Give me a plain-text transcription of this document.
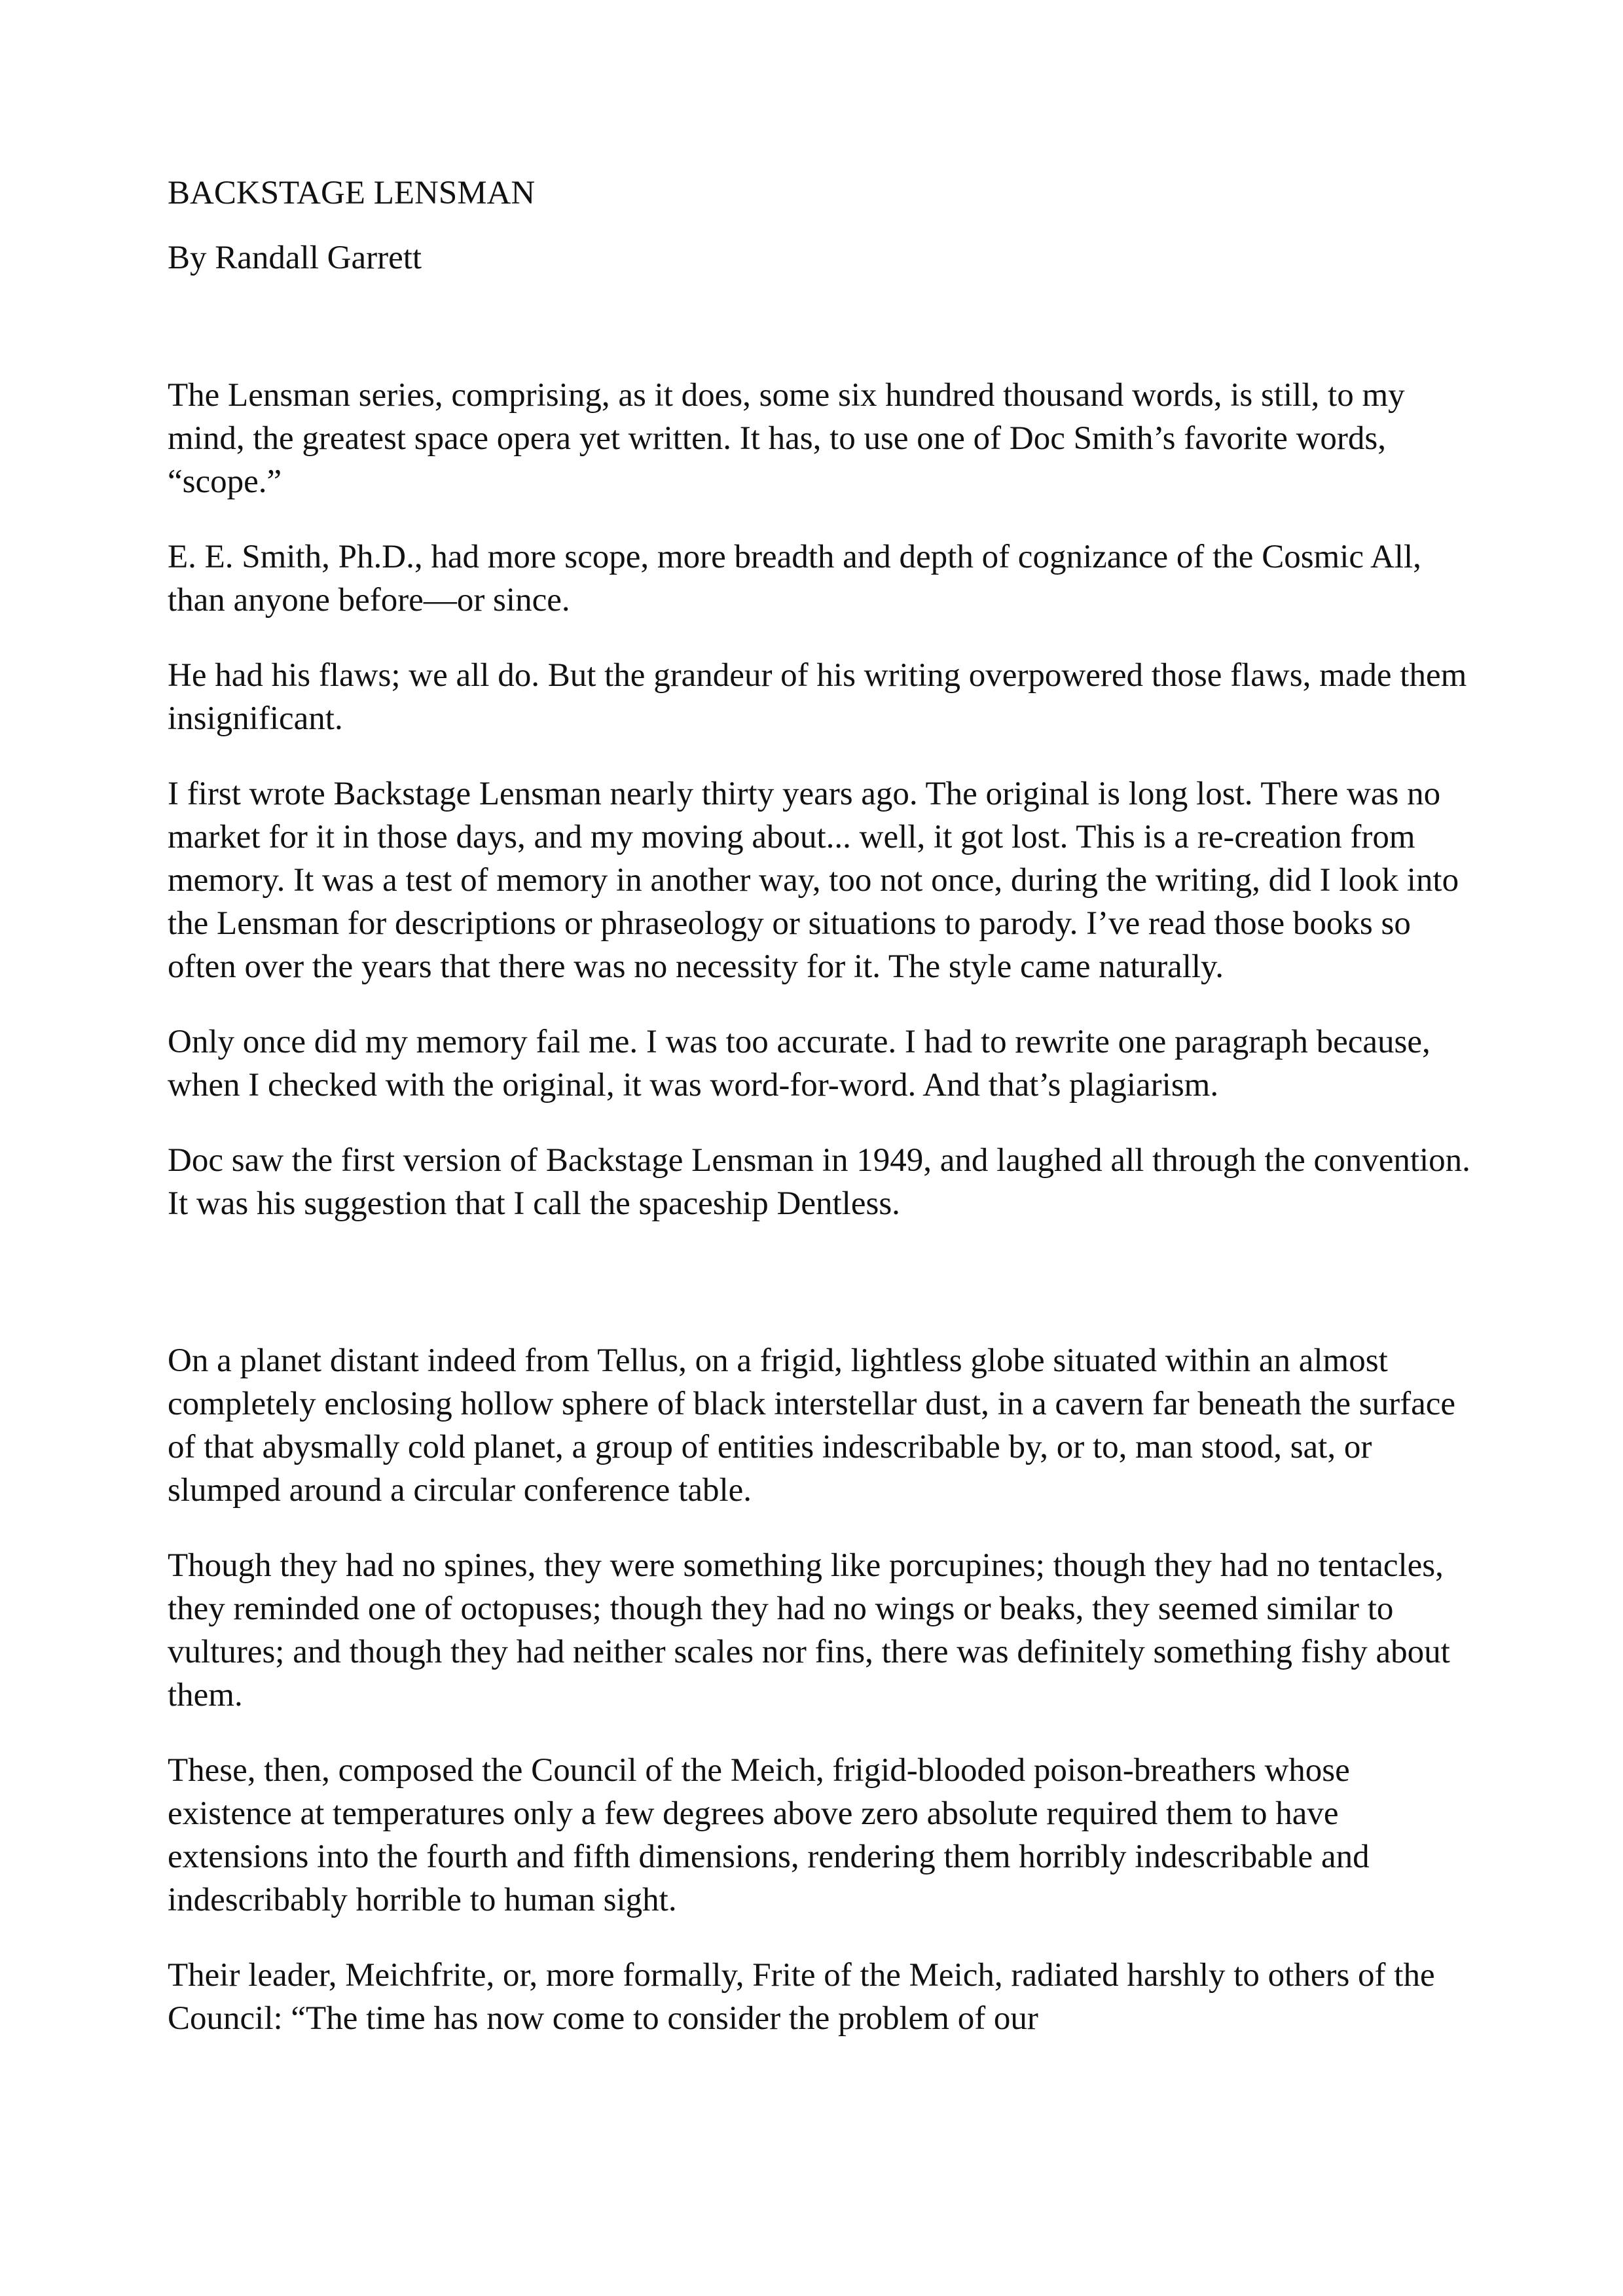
BACKSTAGE LENSMAN
By Randall Garrett

The Lensman series, comprising, as it does, some six hundred thousand words, is still, to my mind, the greatest space opera yet written. It has, to use one of Doc Smith’s favorite words, “scope.”

E. E. Smith, Ph.D., had more scope, more breadth and depth of cognizance of the Cosmic All, than anyone before—or since.

He had his flaws; we all do. But the grandeur of his writing overpowered those flaws, made them insignificant.

I first wrote Backstage Lensman nearly thirty years ago. The original is long lost. There was no market for it in those days, and my moving about... well, it got lost. This is a re-creation from memory. It was a test of memory in another way, too not once, during the writing, did I look into the Lensman for descriptions or phraseology or situations to parody. I’ve read those books so often over the years that there was no necessity for it. The style came naturally.

Only once did my memory fail me. I was too accurate. I had to rewrite one paragraph because, when I checked with the original, it was word-for-word. And that’s plagiarism.

Doc saw the first version of Backstage Lensman in 1949, and laughed all through the convention. It was his suggestion that I call the spaceship Dentless.

On a planet distant indeed from Tellus, on a frigid, lightless globe situated within an almost completely enclosing hollow sphere of black interstellar dust, in a cavern far beneath the surface of that abysmally cold planet, a group of entities indescribable by, or to, man stood, sat, or slumped around a circular conference table.

Though they had no spines, they were something like porcupines; though they had no tentacles, they reminded one of octopuses; though they had no wings or beaks, they seemed similar to vultures; and though they had neither scales nor fins, there was definitely something fishy about them.

These, then, composed the Council of the Meich, frigid-blooded poison-breathers whose existence at temperatures only a few degrees above zero absolute required them to have extensions into the fourth and fifth dimensions, rendering them horribly indescribable and indescribably horrible to human sight.

Their leader, Meichfrite, or, more formally, Frite of the Meich, radiated harshly to others of the Council: “The time has now come to consider the problem of our
